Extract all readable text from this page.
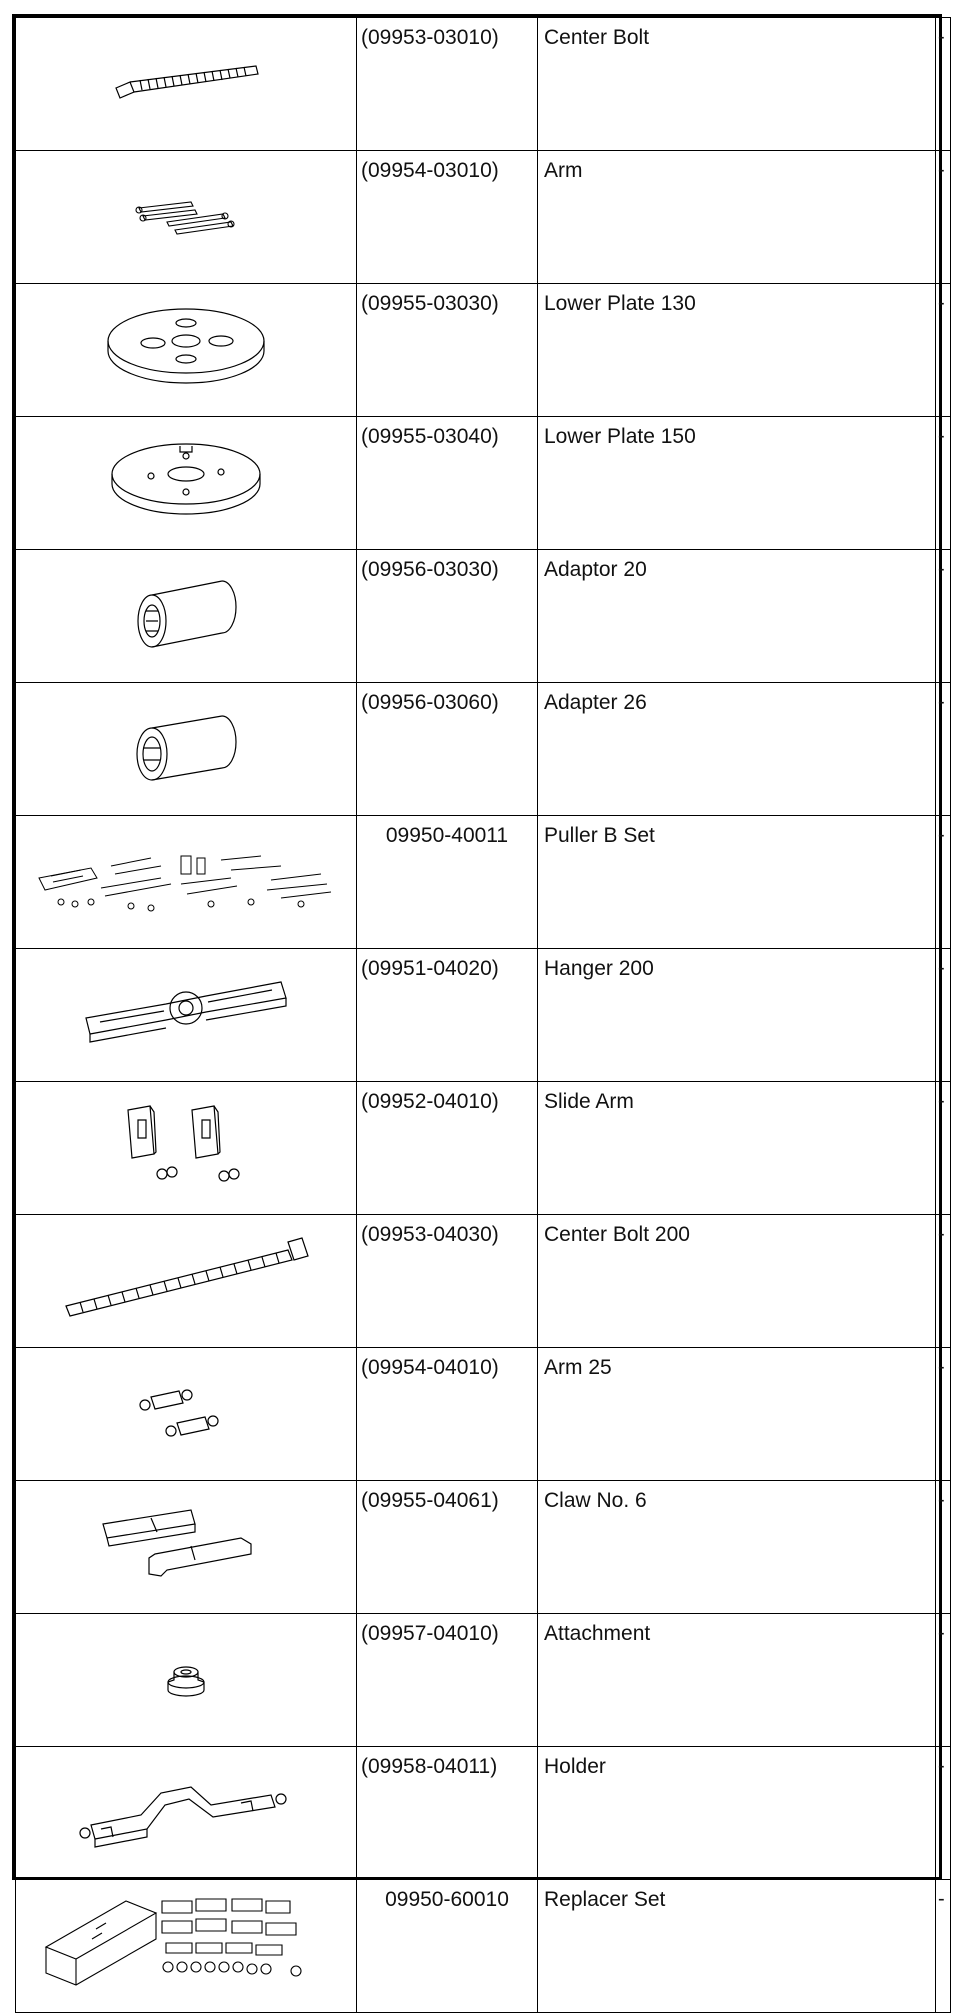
	(09953-03010)	Center Bolt	-

	(09954-03010)	Arm	-

	(09955-03030)	Lower Plate 130	-

	(09955-03040)	Lower Plate 150	-

	(09956-03030)	Adaptor 20	-

	(09956-03060)	Adapter 26	-

	09950-40011	Puller B Set	-

	(09951-04020)	Hanger 200	-

	(09952-04010)	Slide Arm	-

	(09953-04030)	Center Bolt 200	-

	(09954-04010)	Arm 25	-

	(09955-04061)	Claw No. 6	-

	(09957-04010)	Attachment	-

	(09958-04011)	Holder	-

	09950-60010	Replacer Set	-
